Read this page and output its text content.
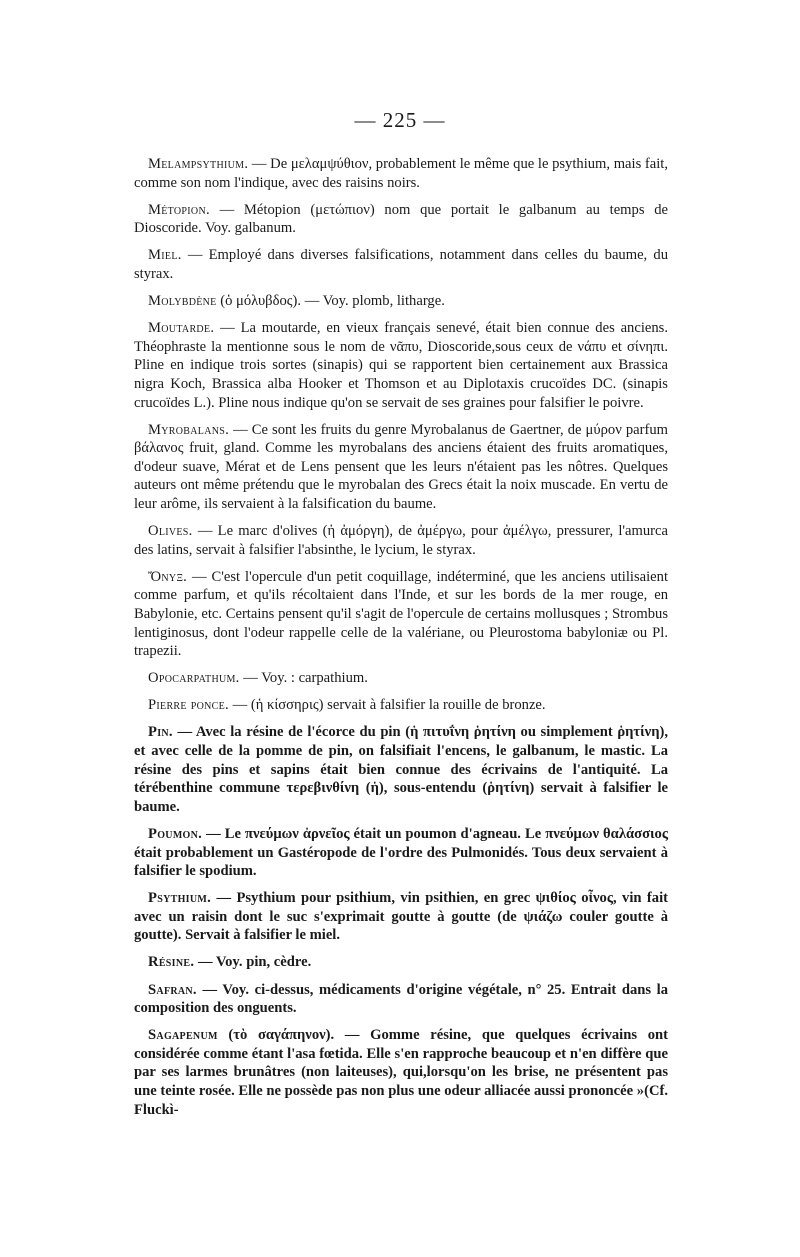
— 225 —

Melampsythium. — De μελαμψύθιον, probablement le même que le psythium, mais fait, comme son nom l'indique, avec des raisins noirs.

Métopion. — Métopion (μετώπιον) nom que portait le galbanum au temps de Dioscoride. Voy. galbanum.

Miel. — Employé dans diverses falsifications, notamment dans celles du baume, du styrax.

Molybdène (ὁ μόλυβδος). — Voy. plomb, litharge.

Moutarde. — La moutarde, en vieux français senevé, était bien connue des anciens. Théophraste la mentionne sous le nom de νᾶπυ, Dioscoride,sous ceux de νάπυ et σίνηπι. Pline en indique trois sortes (sinapis) qui se rapportent bien certainement aux Brassica nigra Koch, Brassica alba Hooker et Thomson et au Diplotaxis crucoïdes DC. (sinapis crucoïdes L.). Pline nous indique qu'on se servait de ses graines pour falsifier le poivre.

Myrobalans. — Ce sont les fruits du genre Myrobalanus de Gaertner, de μύρον parfum βάλανος fruit, gland. Comme les myrobalans des anciens étaient des fruits aromatiques, d'odeur suave, Mérat et de Lens pensent que les leurs n'étaient pas les nôtres. Quelques auteurs ont même prétendu que le myrobalan des Grecs était la noix muscade. En vertu de leur arôme, ils servaient à la falsification du baume.

Olives. — Le marc d'olives (ἡ ἀμόργη), de ἀμέργω, pour ἀμέλγω, pressurer, l'amurca des latins, servait à falsifier l'absinthe, le lycium, le styrax.

Ὄνυξ. — C'est l'opercule d'un petit coquillage, indéterminé, que les anciens utilisaient comme parfum, et qu'ils récoltaient dans l'Inde, et sur les bords de la mer rouge, en Babylonie, etc. Certains pensent qu'il s'agit de l'opercule de certains mollusques ; Strombus lentiginosus, dont l'odeur rappelle celle de la valériane, ou Pleurostoma babyloniæ ou Pl. trapezii.

Opocarpathum. — Voy. : carpathium.

Pierre ponce. — (ἡ κίσσηρις) servait à falsifier la rouille de bronze.

Pin. — Avec la résine de l'écorce du pin (ἡ πιτυΐνη ῥητίνη ou simplement ῥητίνη), et avec celle de la pomme de pin, on falsifiait l'encens, le galbanum, le mastic. La résine des pins et sapins était bien connue des écrivains de l'antiquité. La térébenthine commune τερεβινθίνη (ἡ), sous-entendu (ῥητίνη) servait à falsifier le baume.

Poumon. — Le πνεύμων ἀρνεῖος était un poumon d'agneau. Le πνεύμων θαλάσσιος était probablement un Gastéropode de l'ordre des Pulmonidés. Tous deux servaient à falsifier le spodium.

Psythium. — Psythium pour psithium, vin psithien, en grec ψιθίος οἶνος, vin fait avec un raisin dont le suc s'exprimait goutte à goutte (de ψιάζω couler goutte à goutte). Servait à falsifier le miel.

Résine. — Voy. pin, cèdre.

Safran. — Voy. ci-dessus, médicaments d'origine végétale, n° 25. Entrait dans la composition des onguents.

Sagapenum (τὸ σαγάπηνον). — Gomme résine, que quelques écrivains ont considérée comme étant l'asa fœtida. Elle s'en rapproche beaucoup et n'en diffère que par ses larmes brunâtres (non laiteuses), qui,lorsqu'on les brise, ne présentent pas une teinte rosée. Elle ne possède pas non plus une odeur alliacée aussi prononcée »(Cf. Fluckì-
